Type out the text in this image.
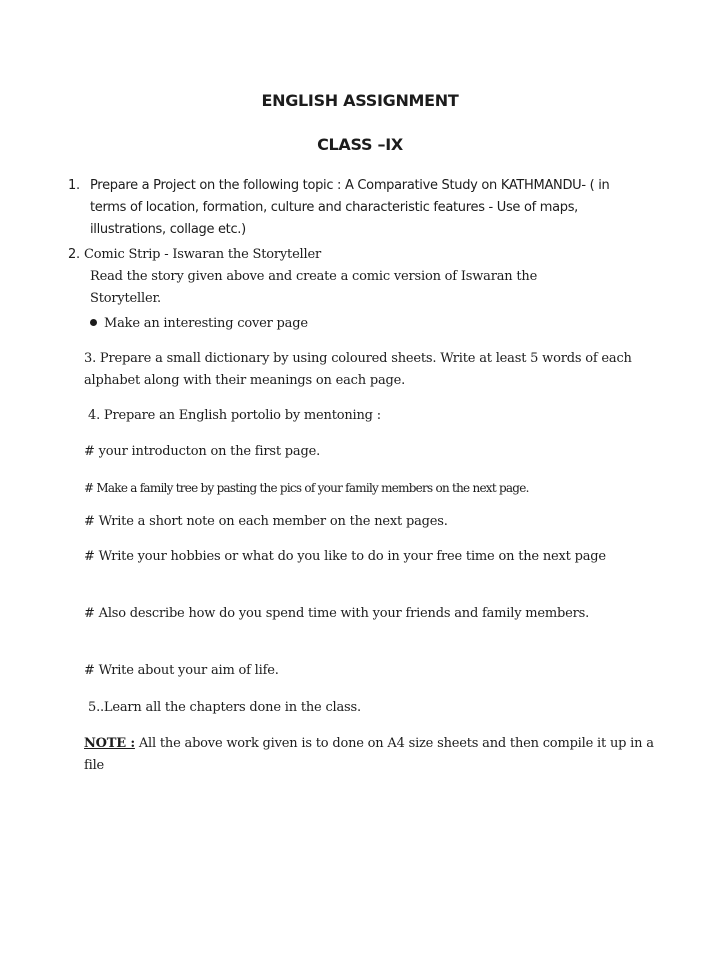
ENGLISH ASSIGNMENT
CLASS –IX
1. Prepare a Project on the following topic : A Comparative Study on KATHMANDU- ( in terms of location, formation, culture and characteristic features - Use of maps, illustrations, collage etc.)
2. Comic Strip - Iswaran the Storyteller
Read the story given above and create a comic version of Iswaran the Storyteller.
Make an interesting cover page
3. Prepare a small dictionary by using coloured sheets. Write at least 5 words of each alphabet along with their meanings on each page.
4. Prepare an English portolio by mentoning :
# your introducton on the first page.
# Make a family tree by pasting the pics of your family members on the next page.
# Write a short note on each member on the next pages.
# Write your hobbies or what do you like to do in your free time on the next page
# Also describe how do you spend time with your friends and family members.
# Write about your aim of life.
5..Learn all the chapters done in the class.
NOTE : All the above work given is to done on A4 size sheets and then compile it up in a file
